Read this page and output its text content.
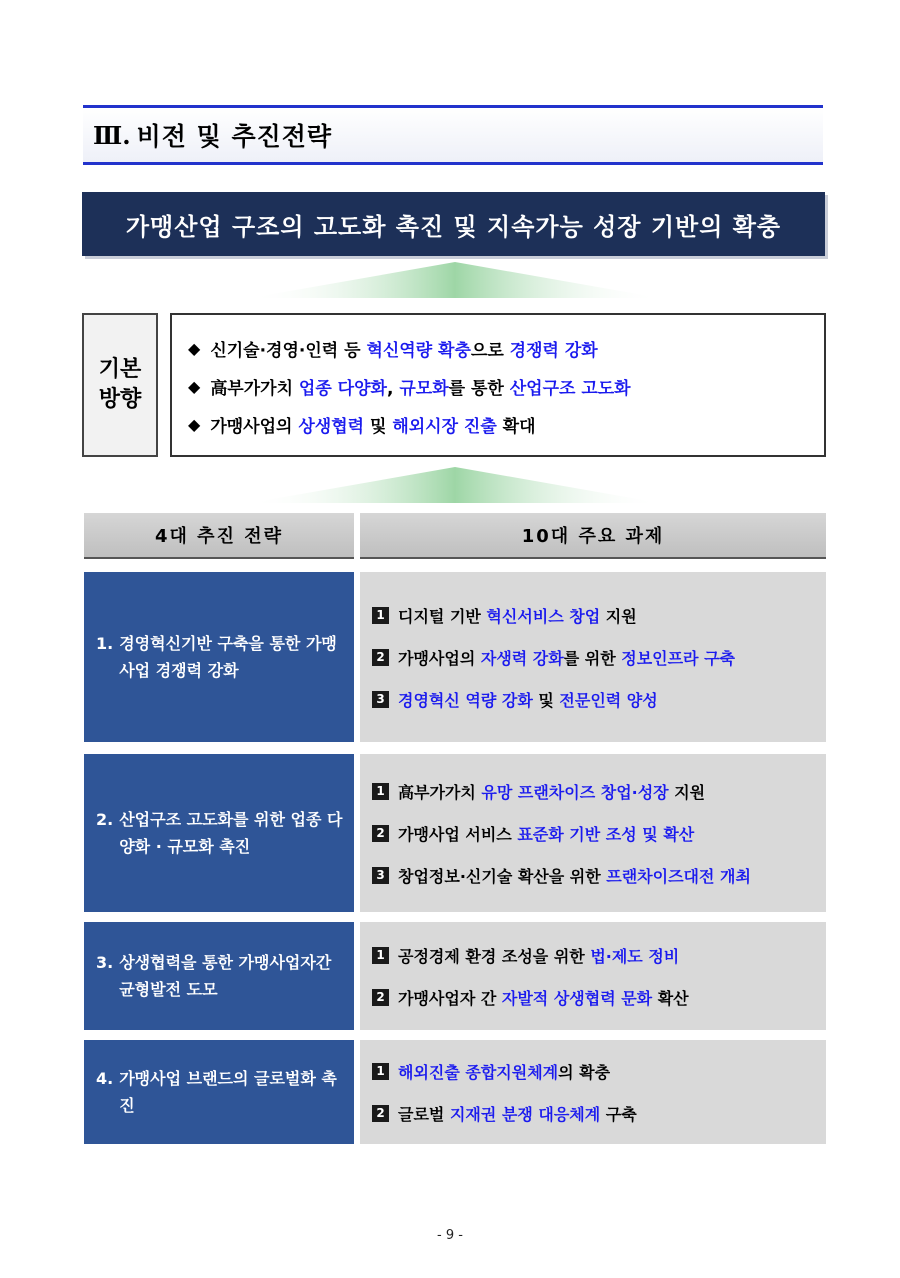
Ⅲ. 비전 및 추진전략
가맹산업 구조의 고도화 촉진 및 지속가능 성장 기반의 확충
기본
방향
◆ 신기술·경영·인력 등 혁신역량 확충으로 경쟁력 강화
◆ 高부가가치 업종 다양화, 규모화를 통한 산업구조 고도화
◆ 가맹사업의 상생협력 및 해외시장 진출 확대
4대 추진 전략	10대 주요 과제
1. 경영혁신기반 구축을 통한 가맹사업 경쟁력 강화
1 디지털 기반 혁신서비스 창업 지원
2 가맹사업의 자생력 강화를 위한 정보인프라 구축
3 경영혁신 역량 강화 및 전문인력 양성
2. 산업구조 고도화를 위한 업종 다양화 · 규모화 촉진
1 高부가가치 유망 프랜차이즈 창업·성장 지원
2 가맹사업 서비스 표준화 기반 조성 및 확산
3 창업정보·신기술 확산을 위한 프랜차이즈대전 개최
3. 상생협력을 통한 가맹사업자간 균형발전 도모
1 공정경제 환경 조성을 위한 법·제도 정비
2 가맹사업자 간 자발적 상생협력 문화 확산
4. 가맹사업 브랜드의 글로벌화 촉진
1 해외진출 종합지원체계의 확충
2 글로벌 지재권 분쟁 대응체계 구축
- 9 -
